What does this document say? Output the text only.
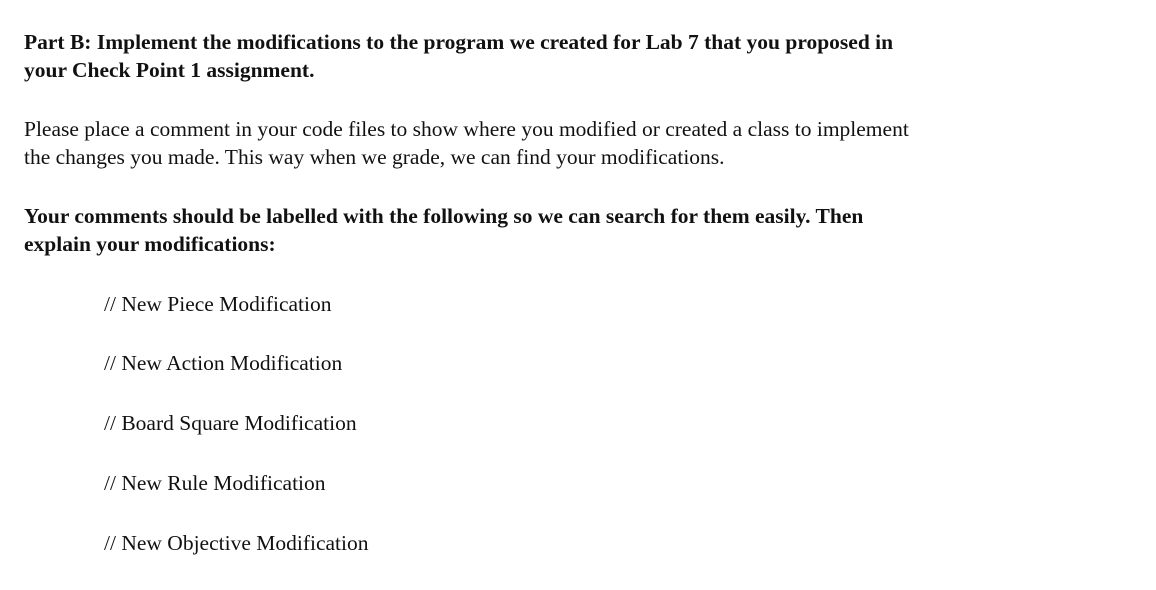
Part B: Implement the modifications to the program we created for Lab 7 that you proposed in
your Check Point 1 assignment.

Please place a comment in your code files to show where you modified or created a class to implement
the changes you made. This way when we grade, we can find your modifications.

Your comments should be labelled with the following so we can search for them easily. Then
explain your modifications:

// New Piece Modification

// New Action Modification

// Board Square Modification

// New Rule Modification

// New Objective Modification
